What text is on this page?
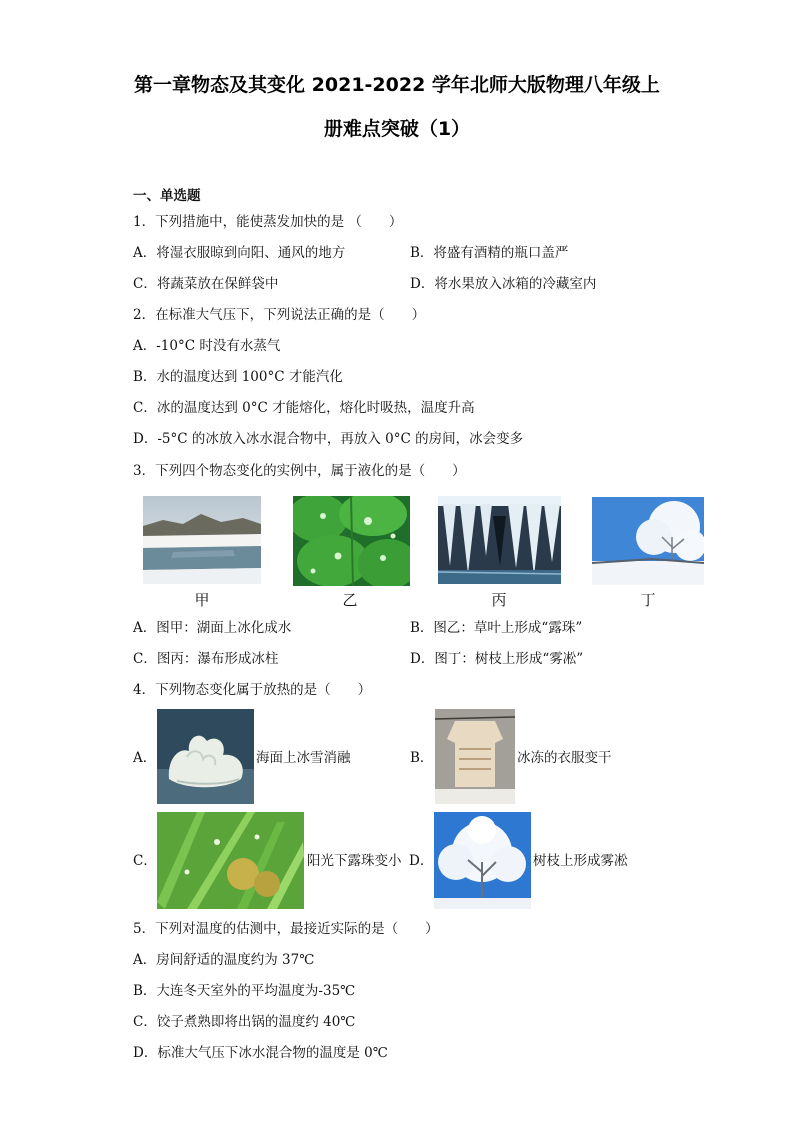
第一章物态及其变化 2021-2022 学年北师大版物理八年级上
册难点突破（1）
一、单选题
1．下列措施中，能使蒸发加快的是 （　　）
A．将湿衣服晾到向阳、通风的地方	B．将盛有酒精的瓶口盖严
C．将蔬菜放在保鲜袋中	D．将水果放入冰箱的冷藏室内
2．在标准大气压下，下列说法正确的是（　　）
A．-10°C 时没有水蒸气
B．水的温度达到 100°C 才能汽化
C．冰的温度达到 0°C 才能熔化，熔化时吸热，温度升高
D．-5°C 的冰放入冰水混合物中，再放入 0°C 的房间，冰会变多
3．下列四个物态变化的实例中，属于液化的是（　　）
甲	乙	丙	丁
A．图甲：湖面上冰化成水	B．图乙：草叶上形成“露珠”
C．图丙：瀑布形成冰柱	D．图丁：树枝上形成“雾凇”
4．下列物态变化属于放热的是（　　）
A．	海面上冰雪消融	B．	冰冻的衣服变干
C．	阳光下露珠变小 D．	树枝上形成雾凇
5．下列对温度的估测中，最接近实际的是（　　）
A．房间舒适的温度约为 37℃
B．大连冬天室外的平均温度为-35℃
C．饺子煮熟即将出锅的温度约 40℃
D．标准大气压下冰水混合物的温度是 0℃
